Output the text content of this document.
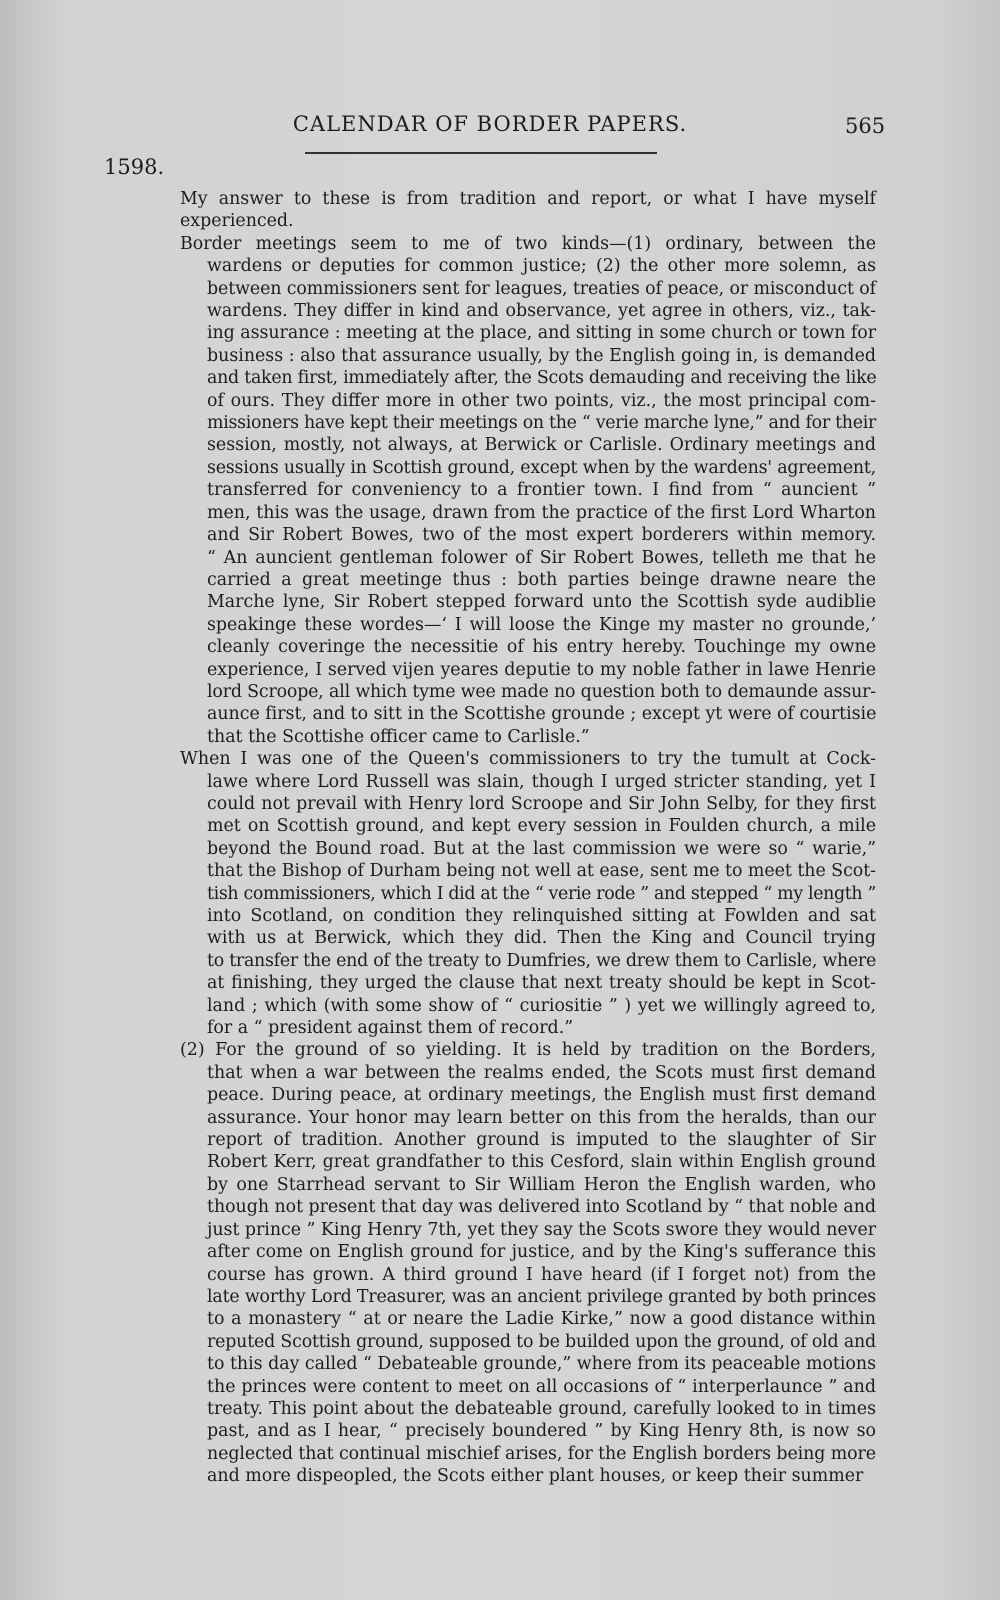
CALENDAR OF BORDER PAPERS.	565
1598.

My answer to these is from tradition and report, or what I have myself
experienced.

Border meetings seem to me of two kinds—(1) ordinary, between the
wardens or deputies for common justice; (2) the other more solemn, as
between commissioners sent for leagues, treaties of peace, or misconduct of
wardens. They differ in kind and observance, yet agree in others, viz., tak-
ing assurance : meeting at the place, and sitting in some church or town for
business : also that assurance usually, by the English going in, is demanded
and taken first, immediately after, the Scots demauding and receiving the like
of ours. They differ more in other two points, viz., the most principal com-
missioners have kept their meetings on the “ verie marche lyne,” and for their
session, mostly, not always, at Berwick or Carlisle. Ordinary meetings and
sessions usually in Scottish ground, except when by the wardens' agreement,
transferred for conveniency to a frontier town. I find from “ auncient ”
men, this was the usage, drawn from the practice of the first Lord Wharton
and Sir Robert Bowes, two of the most expert borderers within memory.
“ An auncient gentleman folower of Sir Robert Bowes, telleth me that he
carried a great meetinge thus : both parties beinge drawne neare the
Marche lyne, Sir Robert stepped forward unto the Scottish syde audiblie
speakinge these wordes—‘ I will loose the Kinge my master no grounde,’
cleanly coveringe the necessitie of his entry hereby. Touchinge my owne
experience, I served vijen yeares deputie to my noble father in lawe Henrie
lord Scroope, all which tyme wee made no question both to demaunde assur-
aunce first, and to sitt in the Scottishe grounde ; except yt were of courtisie
that the Scottishe officer came to Carlisle.”

When I was one of the Queen's commissioners to try the tumult at Cock-
lawe where Lord Russell was slain, though I urged stricter standing, yet I
could not prevail with Henry lord Scroope and Sir John Selby, for they first
met on Scottish ground, and kept every session in Foulden church, a mile
beyond the Bound road. But at the last commission we were so “ warie,”
that the Bishop of Durham being not well at ease, sent me to meet the Scot-
tish commissioners, which I did at the “ verie rode ” and stepped “ my length ”
into Scotland, on condition they relinquished sitting at Fowlden and sat
with us at Berwick, which they did. Then the King and Council trying
to transfer the end of the treaty to Dumfries, we drew them to Carlisle, where
at finishing, they urged the clause that next treaty should be kept in Scot-
land ; which (with some show of “ curiositie ” ) yet we willingly agreed to,
for a “ president against them of record.”

(2) For the ground of so yielding. It is held by tradition on the Borders,
that when a war between the realms ended, the Scots must first demand
peace. During peace, at ordinary meetings, the English must first demand
assurance. Your honor may learn better on this from the heralds, than our
report of tradition. Another ground is imputed to the slaughter of Sir
Robert Kerr, great grandfather to this Cesford, slain within English ground
by one Starrhead servant to Sir William Heron the English warden, who
though not present that day was delivered into Scotland by “ that noble and
just prince ” King Henry 7th, yet they say the Scots swore they would never
after come on English ground for justice, and by the King's sufferance this
course has grown. A third ground I have heard (if I forget not) from the
late worthy Lord Treasurer, was an ancient privilege granted by both princes
to a monastery “ at or neare the Ladie Kirke,” now a good distance within
reputed Scottish ground, supposed to be builded upon the ground, of old and
to this day called “ Debateable grounde,” where from its peaceable motions
the princes were content to meet on all occasions of “ interperlaunce ” and
treaty. This point about the debateable ground, carefully looked to in times
past, and as I hear, “ precisely boundered ” by King Henry 8th, is now so
neglected that continual mischief arises, for the English borders being more
and more dispeopled, the Scots either plant houses, or keep their summer
